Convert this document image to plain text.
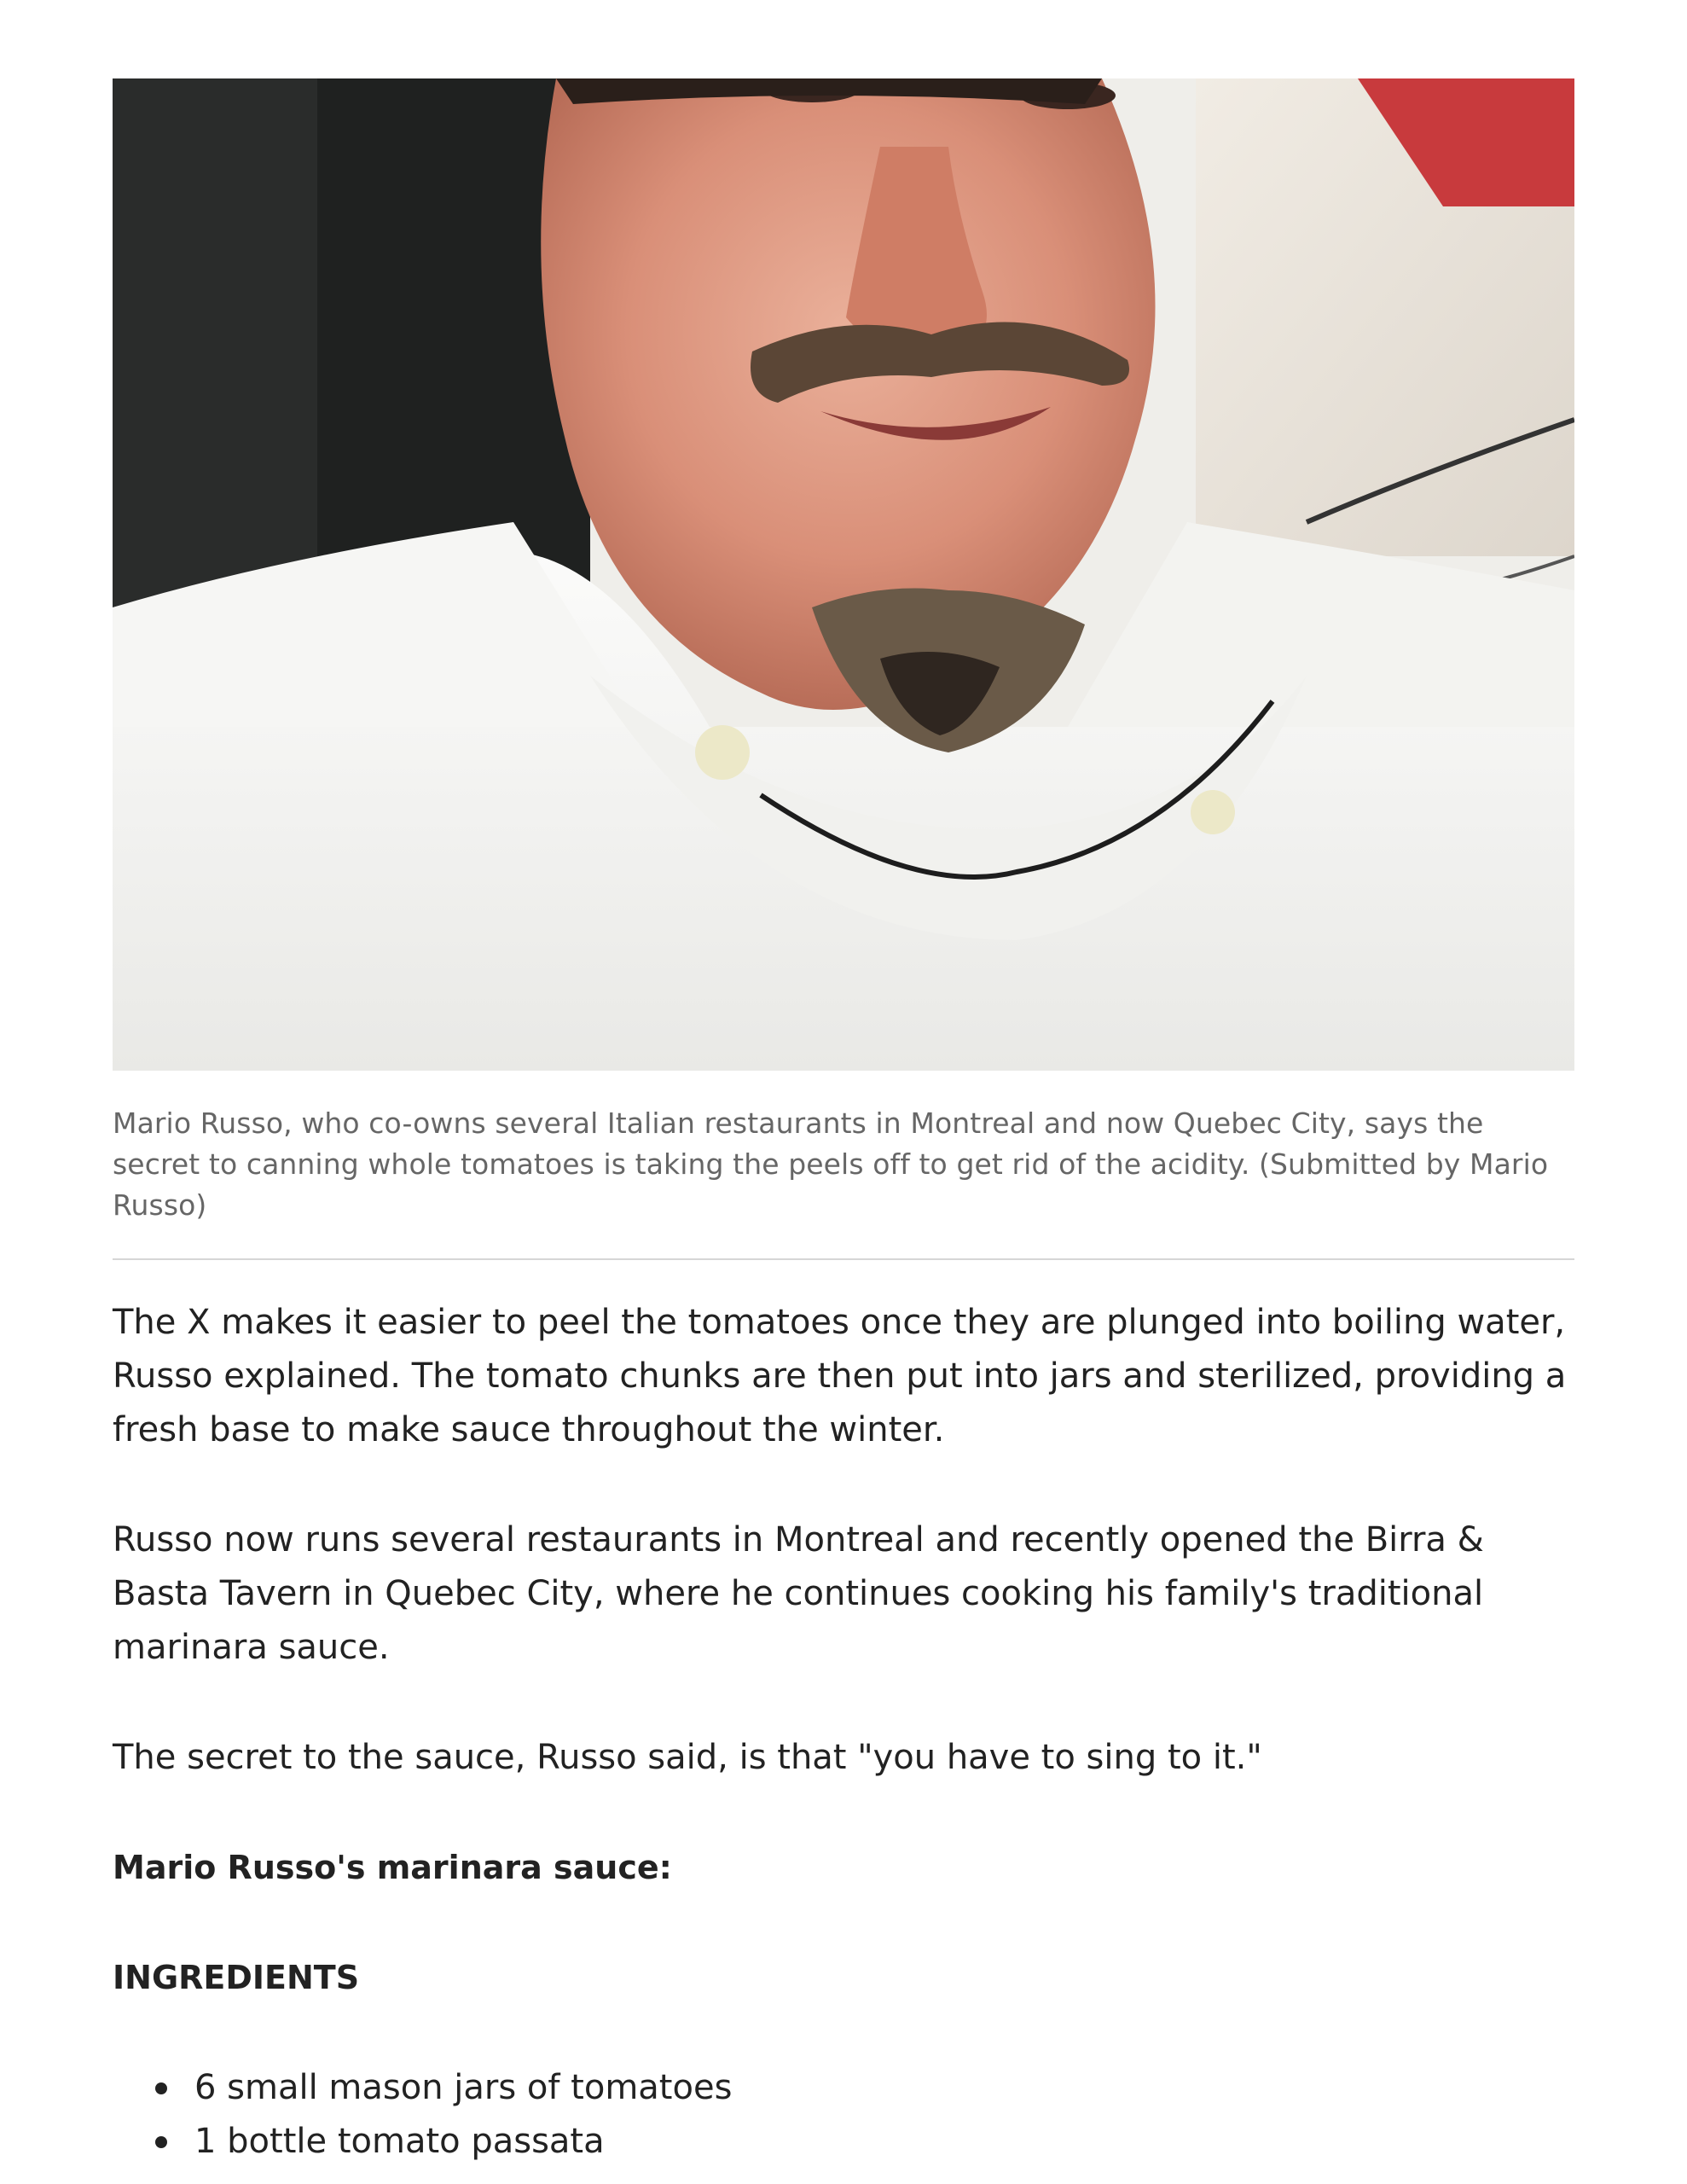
Mario Russo, who co-owns several Italian restaurants in Montreal and now Quebec City, says the secret to canning whole tomatoes is taking the peels off to get rid of the acidity. (Submitted by Mario Russo)

The X makes it easier to peel the tomatoes once they are plunged into boiling water, Russo explained. The tomato chunks are then put into jars and sterilized, providing a fresh base to make sauce throughout the winter.

Russo now runs several restaurants in Montreal and recently opened the Birra & Basta Tavern in Quebec City, where he continues cooking his family's traditional marinara sauce.

The secret to the sauce, Russo said, is that "you have to sing to it."

Mario Russo's marinara sauce:
INGREDIENTS
6 small mason jars of tomatoes
1 bottle tomato passata
